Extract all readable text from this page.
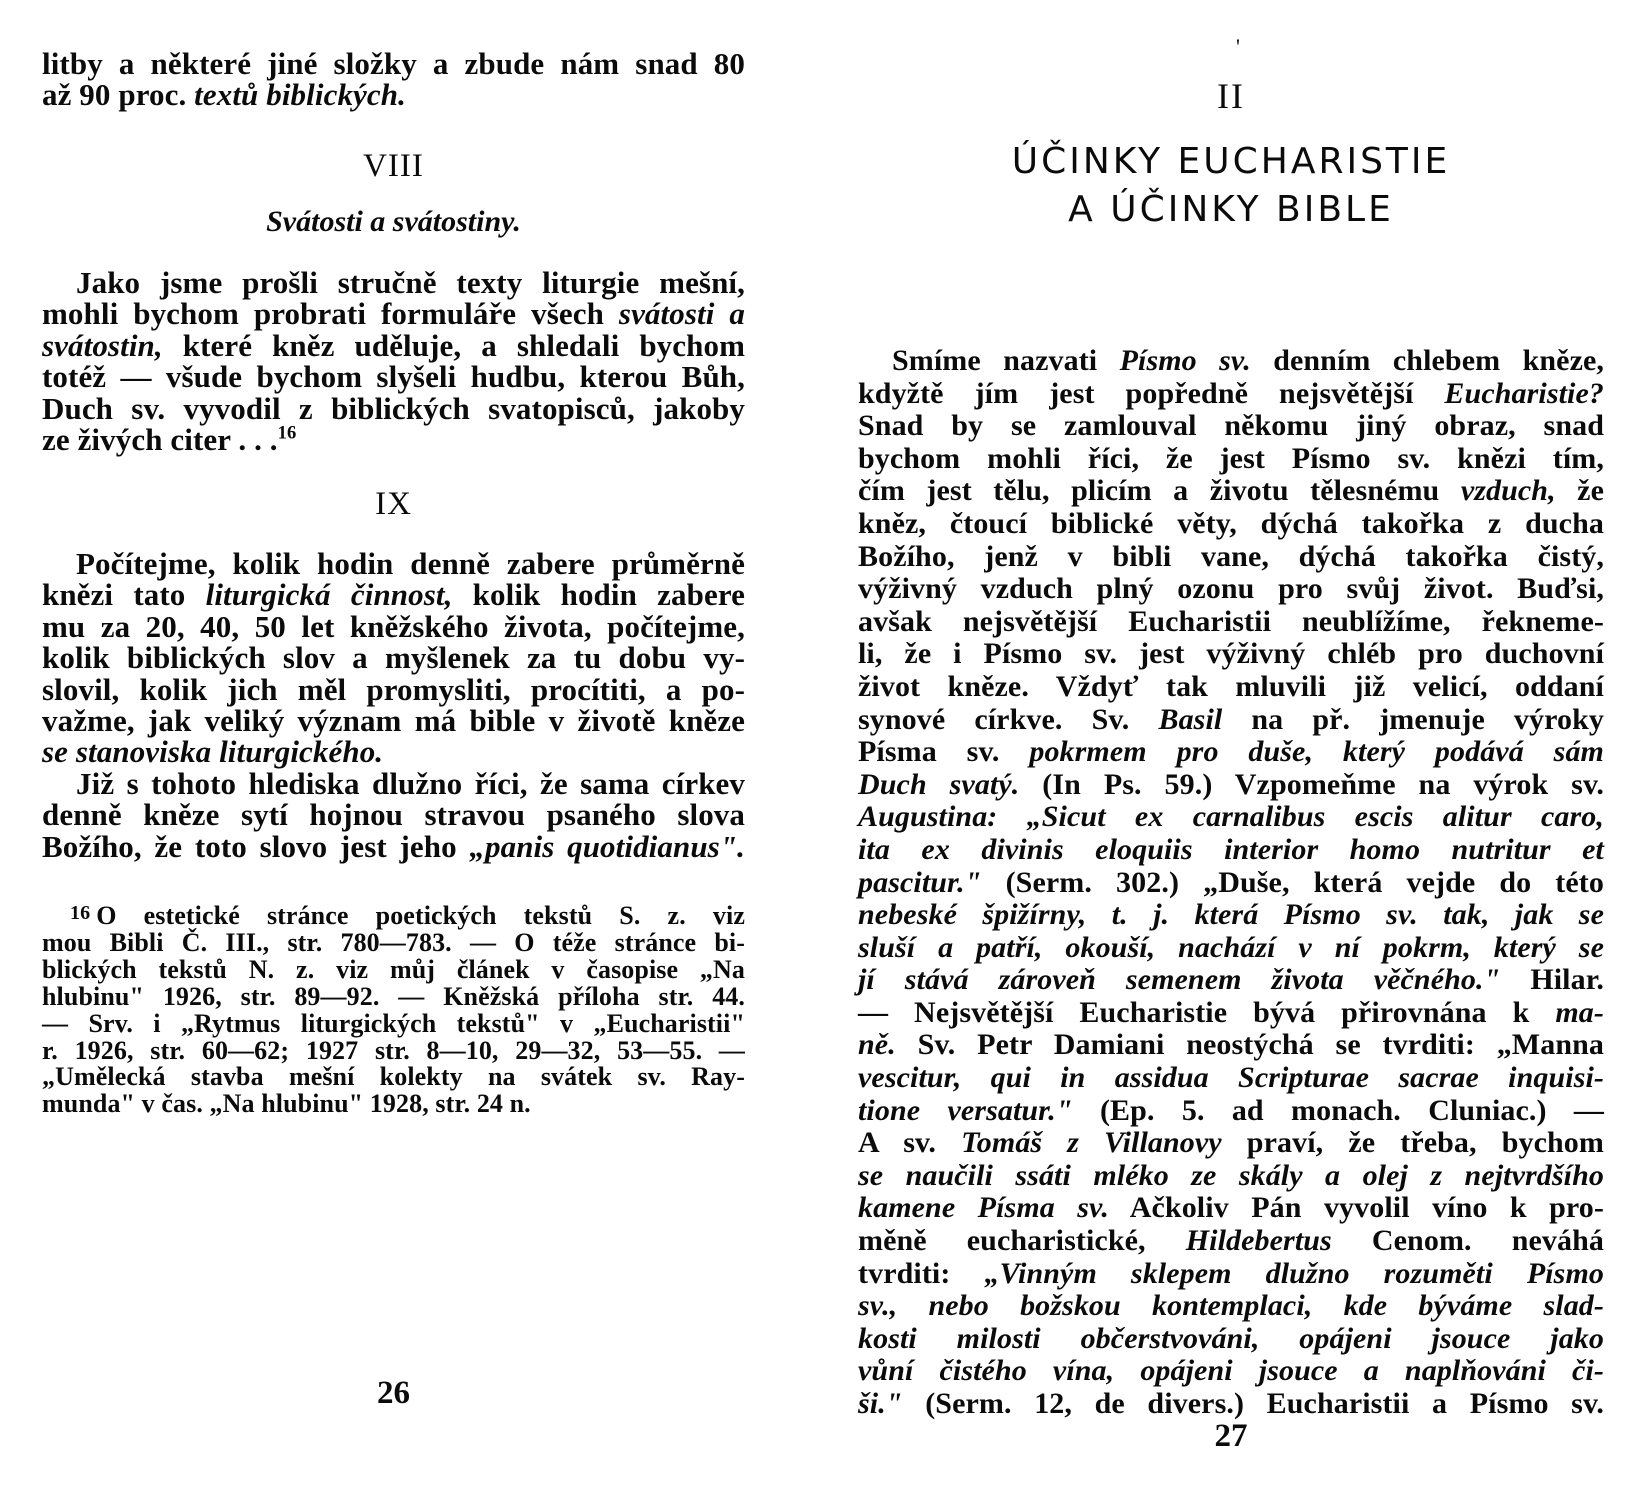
litby a některé jiné složky a zbude nám snad 80
až 90 proc. textů biblických.
VIII
Svátosti a svátostiny.
Jako jsme prošli stručně texty liturgie mešní,
mohli bychom probrati formuláře všech svátosti a
svátostin, které kněz uděluje, a shledali bychom
totéž — všude bychom slyšeli hudbu, kterou Bůh,
Duch sv. vyvodil z biblických svatopisců, jakoby
ze živých citer . . .$^{16}$
IX
Počítejme, kolik hodin denně zabere průměrně
knězi tato liturgická činnost, kolik hodin zabere
mu za 20, 40, 50 let kněžského života, počítejme,
kolik biblických slov a myšlenek za tu dobu vy-
slovil, kolik jich měl promysliti, procítiti, a po-
važme, jak veliký význam má bible v životě kněze
se stanoviska liturgického.
Již s tohoto hlediska dlužno říci, že sama církev
denně kněze sytí hojnou stravou psaného slova
Božího, že toto slovo jest jeho „panis quotidianus".
16 O estetické stránce poetických tekstů S. z. viz
mou Bibli Č. III., str. 780—783. — O téže stránce bi-
blických tekstů N. z. viz můj článek v časopise „Na
hlubinu" 1926, str. 89—92. — Kněžská příloha str. 44.
— Srv. i „Rytmus liturgických tekstů" v „Eucharistii"
r. 1926, str. 60—62; 1927 str. 8—10, 29—32, 53—55. —
„Umělecká stavba mešní kolekty na svátek sv. Ray-
munda" v čas. „Na hlubinu" 1928, str. 24 n.
26
'
II
ÚČINKY EUCHARISTIE
A ÚČINKY BIBLE
Smíme nazvati Písmo sv. denním chlebem kněze,
kdyžtě jím jest popředně nejsvětější Eucharistie?
Snad by se zamlouval někomu jiný obraz, snad
bychom mohli říci, že jest Písmo sv. knězi tím,
čím jest tělu, plicím a životu tělesnému vzduch, že
kněz, čtoucí biblické věty, dýchá takořka z ducha
Božího, jenž v bibli vane, dýchá takořka čistý,
výživný vzduch plný ozonu pro svůj život. Buďsi,
avšak nejsvětější Eucharistii neublížíme, řekneme-
li, že i Písmo sv. jest výživný chléb pro duchovní
život kněze. Vždyť tak mluvili již velicí, oddaní
synové církve. Sv. Basil na př. jmenuje výroky
Písma sv. pokrmem pro duše, který podává sám
Duch svatý. (In Ps. 59.) Vzpomeňme na výrok sv.
Augustina: „Sicut ex carnalibus escis alitur caro,
ita ex divinis eloquiis interior homo nutritur et
pascitur." (Serm. 302.) „Duše, která vejde do této
nebeské špižírny, t. j. která Písmo sv. tak, jak se
sluší a patří, okouší, nachází v ní pokrm, který se
jí stává zároveň semenem života věčného." Hilar.
— Nejsvětější Eucharistie bývá přirovnána k ma-
ně. Sv. Petr Damiani neostýchá se tvrditi: „Manna
vescitur, qui in assidua Scripturae sacrae inquisi-
tione versatur." (Ep. 5. ad monach. Cluniac.) —
A sv. Tomáš z Villanovy praví, že třeba, bychom
se naučili ssáti mléko ze skály a olej z nejtvrdšího
kamene Písma sv. Ačkoliv Pán vyvolil víno k pro-
měně eucharistické, Hildebertus Cenom. neváhá
tvrditi: „Vinným sklepem dlužno rozuměti Písmo
sv., nebo božskou kontemplaci, kde býváme slad-
kosti milosti občerstvováni, opájeni jsouce jako
vůní čistého vína, opájeni jsouce a naplňováni či-
ši." (Serm. 12, de divers.) Eucharistii a Písmo sv.
27
